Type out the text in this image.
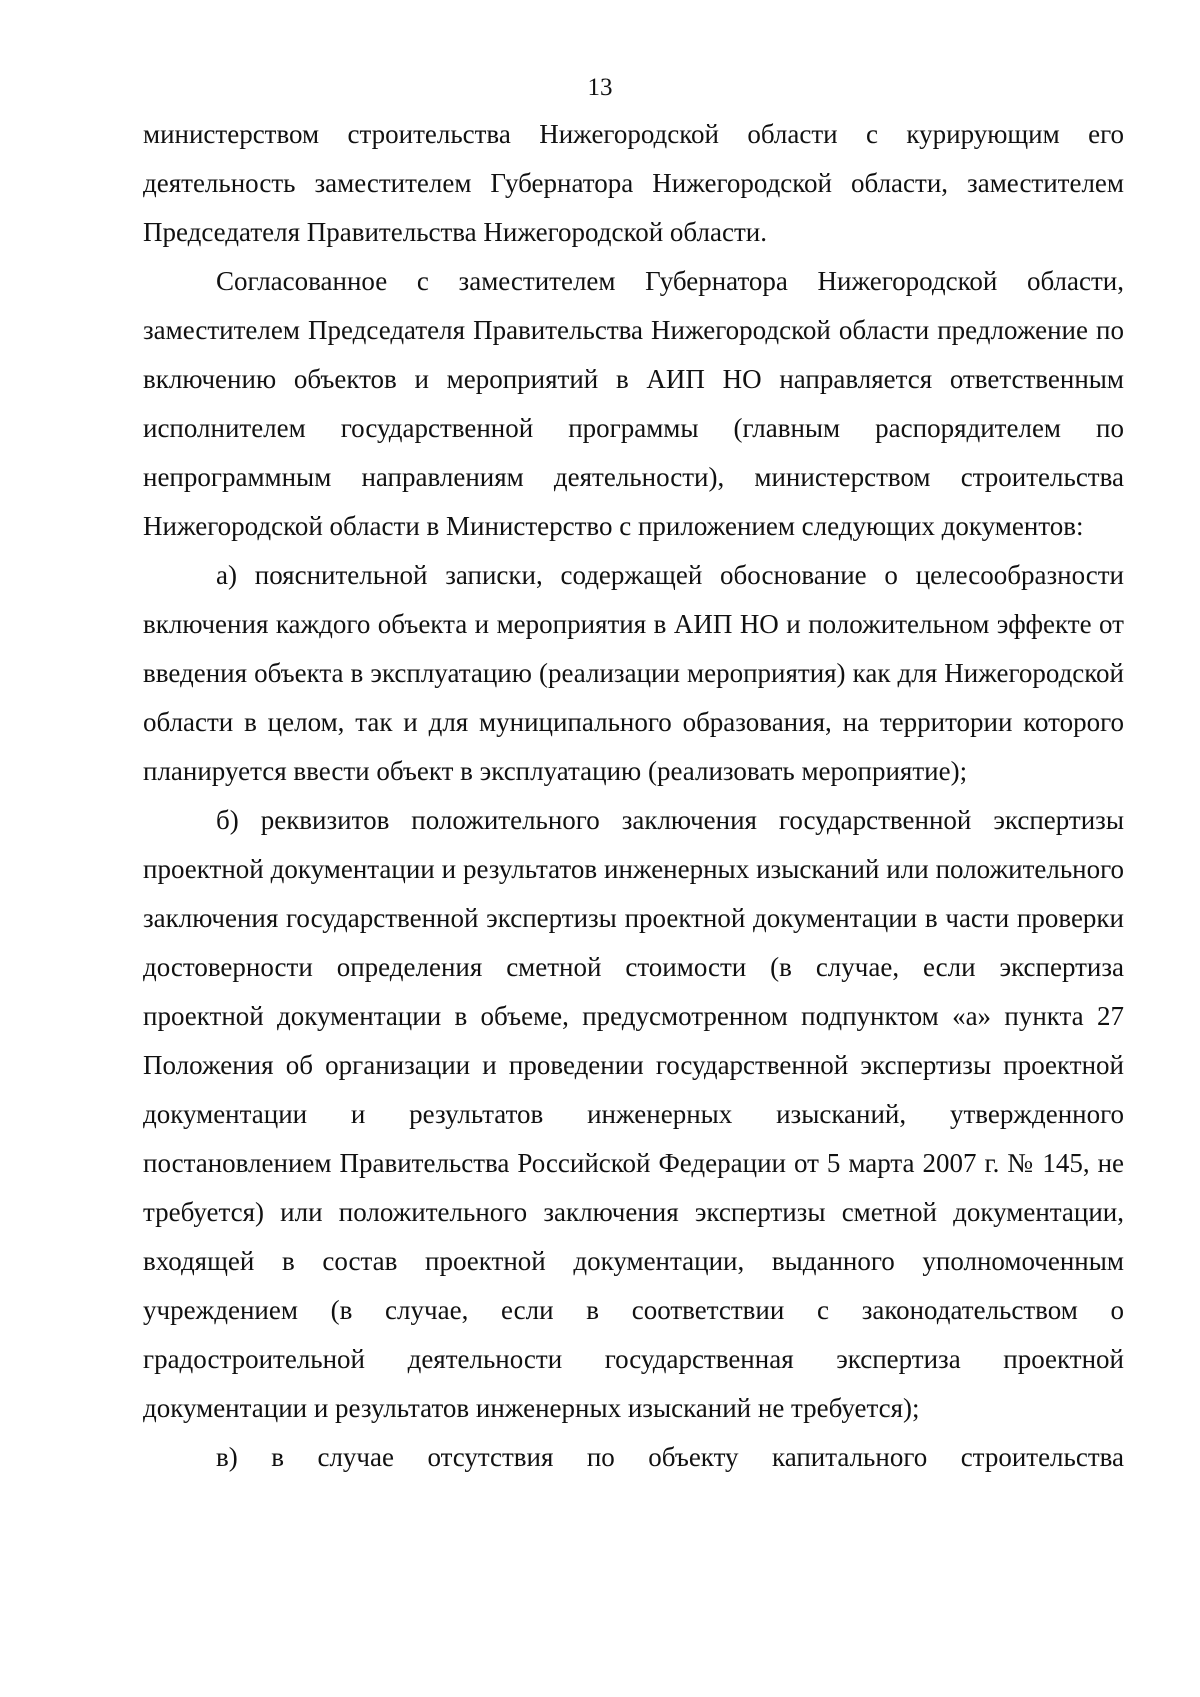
13

министерством строительства Нижегородской области с курирующим его деятельность заместителем Губернатора Нижегородской области, заместителем Председателя Правительства Нижегородской области.

Согласованное с заместителем Губернатора Нижегородской области, заместителем Председателя Правительства Нижегородской области предложение по включению объектов и мероприятий в АИП НО направляется ответственным исполнителем государственной программы (главным распорядителем по непрограммным направлениям деятельности), министерством строительства Нижегородской области в Министерство с приложением следующих документов:

а) пояснительной записки, содержащей обоснование о целесообразности включения каждого объекта и мероприятия в АИП НО и положительном эффекте от введения объекта в эксплуатацию (реализации мероприятия) как для Нижегородской области в целом, так и для муниципального образования, на территории которого планируется ввести объект в эксплуатацию (реализовать мероприятие);

б) реквизитов положительного заключения государственной экспертизы проектной документации и результатов инженерных изысканий или положительного заключения государственной экспертизы проектной документации в части проверки достоверности определения сметной стоимости (в случае, если экспертиза проектной документации в объеме, предусмотренном подпунктом «а» пункта 27 Положения об организации и проведении государственной экспертизы проектной документации и результатов инженерных изысканий, утвержденного постановлением Правительства Российской Федерации от 5 марта 2007 г. № 145, не требуется) или положительного заключения экспертизы сметной документации, входящей в состав проектной документации, выданного уполномоченным учреждением (в случае, если в соответствии с законодательством о градостроительной деятельности государственная экспертиза проектной документации и результатов инженерных изысканий не требуется);

в) в случае отсутствия по объекту капитального строительства
